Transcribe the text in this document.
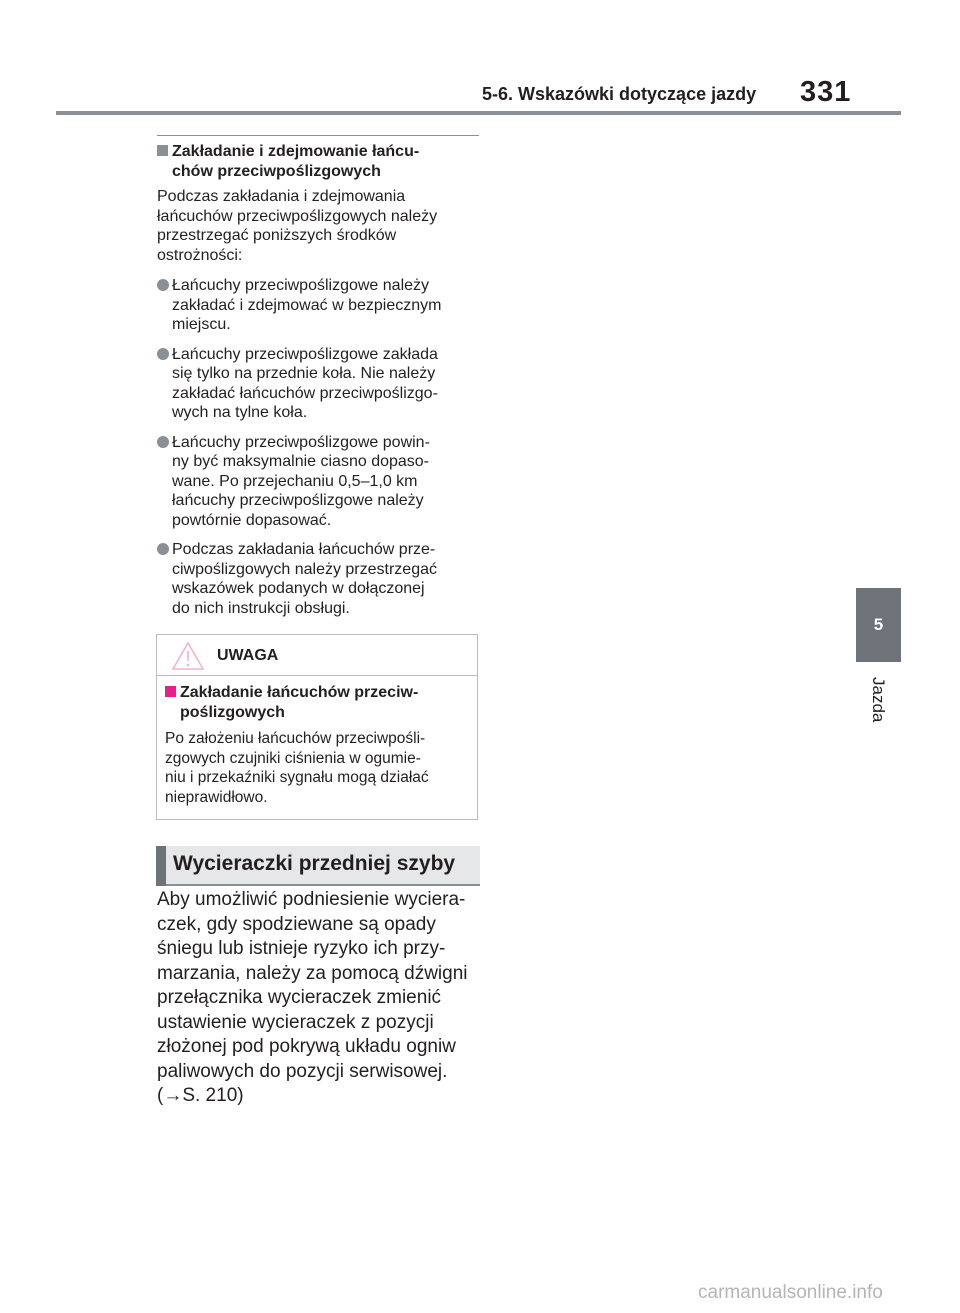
5-6. Wskazówki dotyczące jazdy 331
5
Jazda
Zakładanie i zdejmowanie łańcu-
chów przeciwpoślizgowych
Podczas zakładania i zdejmowania
łańcuchów przeciwpoślizgowych należy
przestrzegać poniższych środków
ostrożności:
Łańcuchy przeciwpoślizgowe należy
zakładać i zdejmować w bezpiecznym
miejscu.
Łańcuchy przeciwpoślizgowe zakłada
się tylko na przednie koła. Nie należy
zakładać łańcuchów przeciwpoślizgo-
wych na tylne koła.
Łańcuchy przeciwpoślizgowe powin-
ny być maksymalnie ciasno dopaso-
wane. Po przejechaniu 0,5–1,0 km
łańcuchy przeciwpoślizgowe należy
powtórnie dopasować.
Podczas zakładania łańcuchów prze-
ciwpoślizgowych należy przestrzegać
wskazówek podanych w dołączonej
do nich instrukcji obsługi.
UWAGA
Zakładanie łańcuchów przeciw-
poślizgowych
Po założeniu łańcuchów przeciwpośli-
zgowych czujniki ciśnienia w ogumie-
niu i przekaźniki sygnału mogą działać
nieprawidłowo.
Wycieraczki przedniej szyby
Aby umożliwić podniesienie wyciera-
czek, gdy spodziewane są opady
śniegu lub istnieje ryzyko ich przy-
marzania, należy za pomocą dźwigni
przełącznika wycieraczek zmienić
ustawienie wycieraczek z pozycji
złożonej pod pokrywą układu ogniw
paliwowych do pozycji serwisowej.
(→S. 210)
carmanualsonline.info
